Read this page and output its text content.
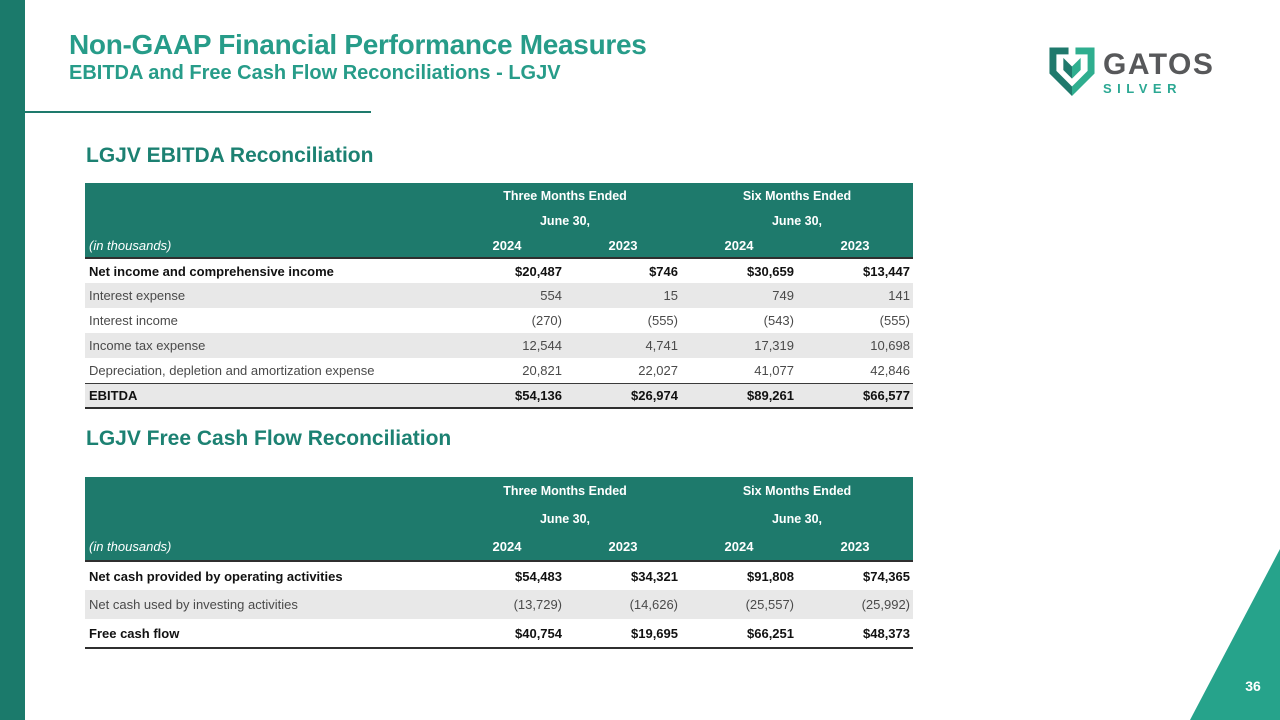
Non-GAAP Financial Performance Measures
EBITDA and Free Cash Flow Reconciliations - LGJV	GATOS
SILVER
LGJV EBITDA Reconciliation
	Three Months Ended		Six Months Ended	
	June 30,		June 30,	
(in thousands)	2024	2023	2024	2023
Net income and comprehensive income	$20,487	$746	$30,659	$13,447
Interest expense	554	15	749	141
Interest income	(270)	(555)	(543)	(555)
Income tax expense	12,544	4,741	17,319	10,698
Depreciation, depletion and amortization expense	20,821	22,027	41,077	42,846
EBITDA	$54,136	$26,974	$89,261	$66,577
LGJV Free Cash Flow Reconciliation
	Three Months Ended		Six Months Ended	
	June 30,		June 30,	
(in thousands)	2024	2023	2024	2023
Net cash provided by operating activities	$54,483	$34,321	$91,808	$74,365
Net cash used by investing activities	(13,729)	(14,626)	(25,557)	(25,992)
Free cash flow	$40,754	$19,695	$66,251	$48,373
36
